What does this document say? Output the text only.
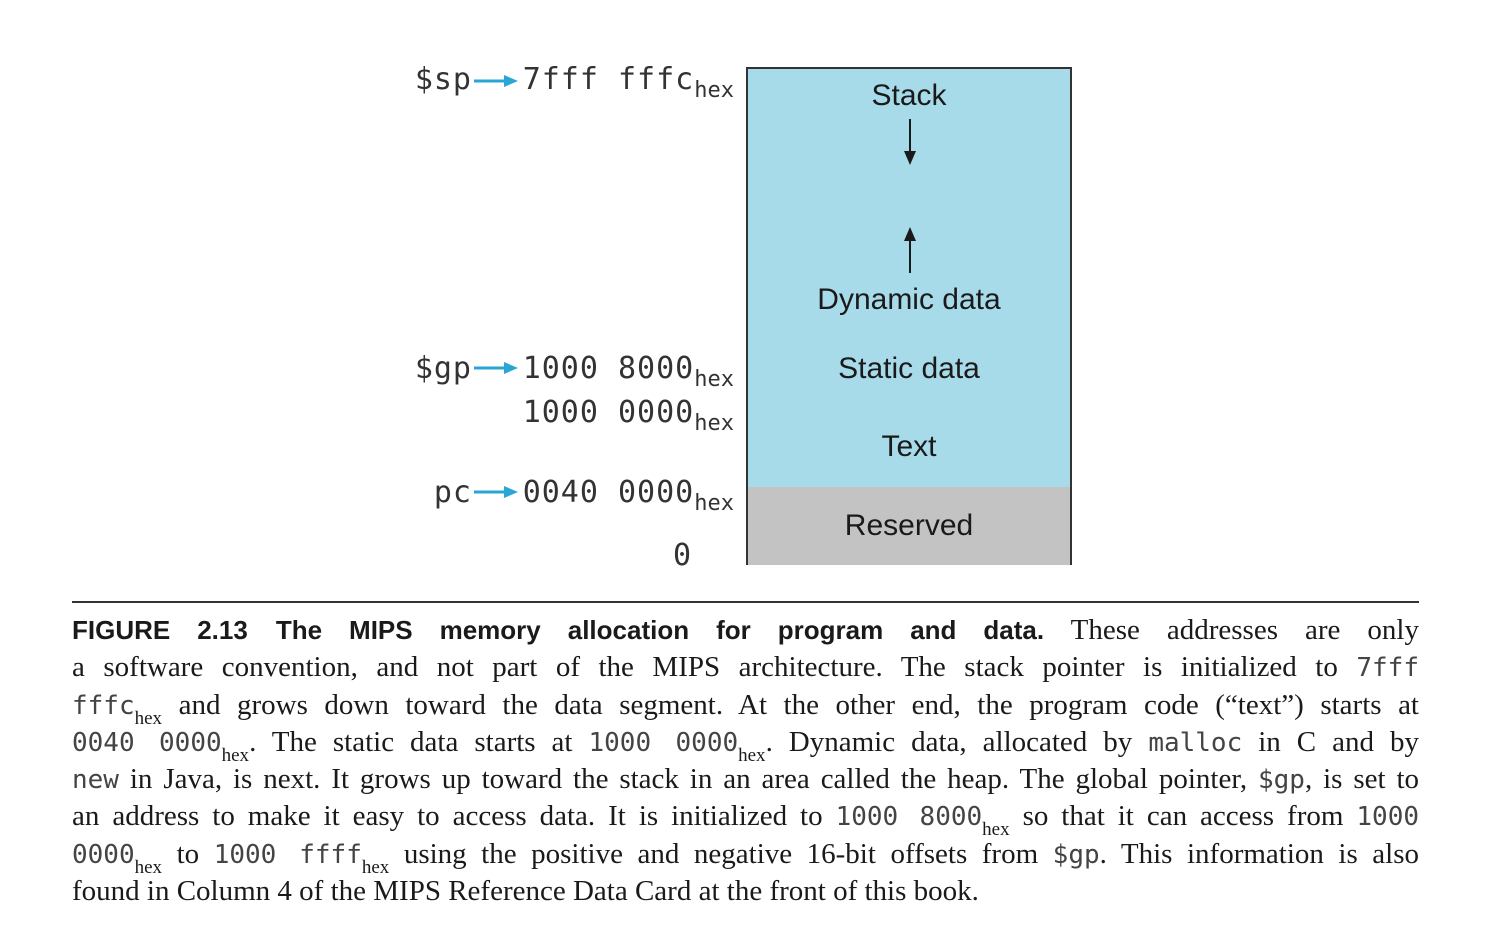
$sp 7fff fffc$_{hex}$
$gp 1000 $8000_{hex}$
1000 $0000_{hex}$
pc 0040 $0000_{hex}$
0
Stack
Dynamic data
Static data
Text
Reserved
FIGURE 2.13 The MIPS memory allocation for program and data. These addresses are only
a software convention, and not part of the MIPS architecture. The stack pointer is initialized to 7fff
fffc$_{hex}$ and grows down toward the data segment. At the other end, the program code (“text”) starts at
0040 $0000_{hex}$. The static data starts at 1000 $0000_{hex}$. Dynamic data, allocated by malloc in C and by
new in Java, is next. It grows up toward the stack in an area called the heap. The global pointer, $gp, is set to
an address to make it easy to access data. It is initialized to 1000 $8000_{hex}$ so that it can access from 1000
$0000_{hex}$ to 1000 ffff$_{hex}$ using the positive and negative 16-bit offsets from $gp. This information is also
found in Column 4 of the MIPS Reference Data Card at the front of this book.
